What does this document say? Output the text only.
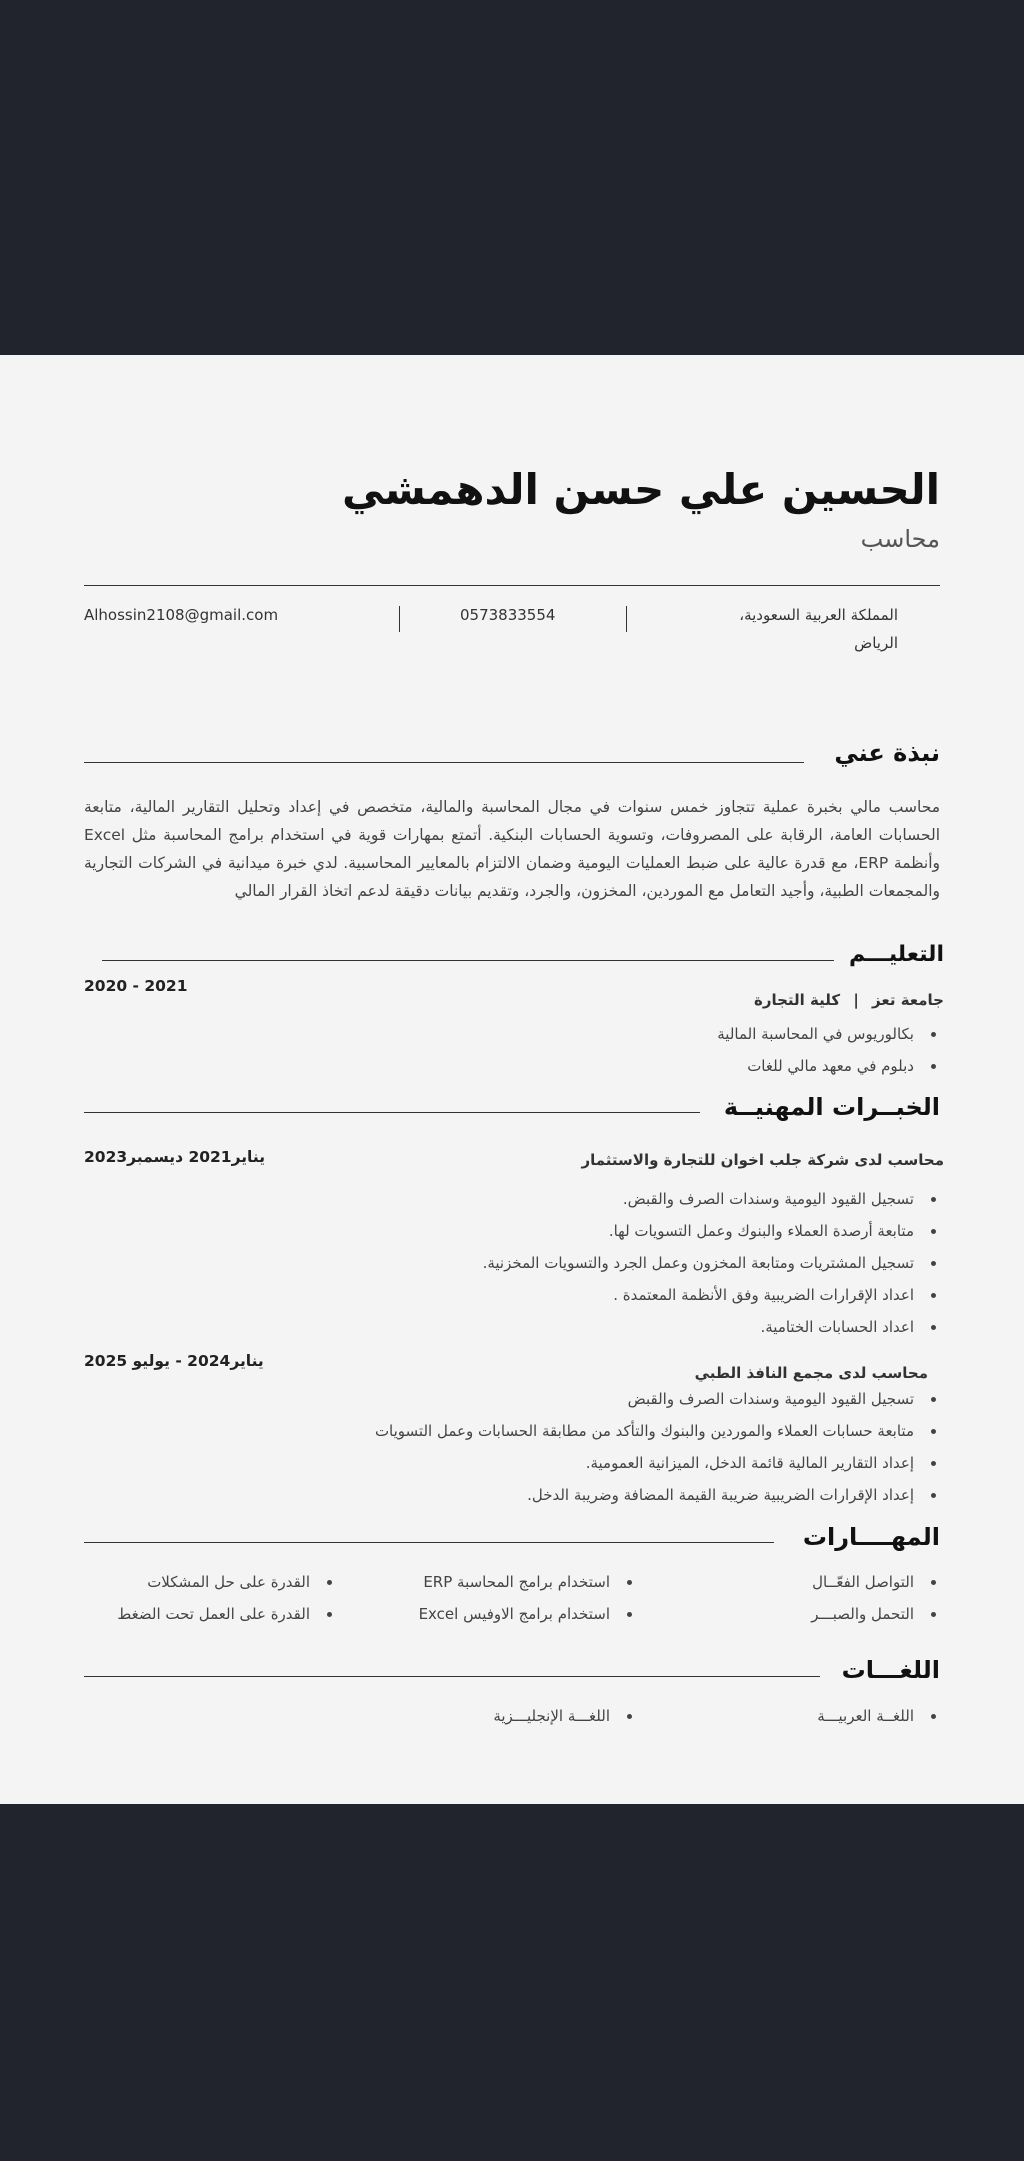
الحسين علي حسن الدهمشي
محاسب
المملكة العربية السعودية،
الرياض
0573833554
Alhossin2108@gmail.com
نبذة عني

محاسب مالي بخبرة عملية تتجاوز خمس سنوات في مجال المحاسبة والمالية، متخصص في إعداد وتحليل التقارير المالية، متابعة الحسابات العامة، الرقابة على المصروفات، وتسوية الحسابات البنكية. أتمتع بمهارات قوية في استخدام برامج المحاسبة مثل Excel وأنظمة ERP، مع قدرة عالية على ضبط العمليات اليومية وضمان الالتزام بالمعايير المحاسبية. لدي خبرة ميدانية في الشركات التجارية والمجمعات الطبية، وأجيد التعامل مع الموردين، المخزون، والجرد، وتقديم بيانات دقيقة لدعم اتخاذ القرار المالي

التعليـــم
2020 - 2021
جامعة تعز | كلية التجارة
بكالوريوس في المحاسبة المالية
دبلوم في معهد مالي للغات
الخبــرات المهنيــة
محاسب لدى شركة جلب اخوان للتجارة والاستثمار
يناير2021 ديسمبر2023
تسجيل القيود اليومية وسندات الصرف والقبض.
متابعة أرصدة العملاء والبنوك وعمل التسويات لها.
تسجيل المشتريات ومتابعة المخزون وعمل الجرد والتسويات المخزنية.
اعداد الإقرارات الضريبية وفق الأنظمة المعتمدة .
اعداد الحسابات الختامية.
محاسب لدى مجمع النافذ الطبي
يناير2024 - يوليو 2025
تسجيل القيود اليومية وسندات الصرف والقبض
متابعة حسابات العملاء والموردين والبنوك والتأكد من مطابقة الحسابات وعمل التسويات
إعداد التقارير المالية قائمة الدخل، الميزانية العمومية.
إعداد الإقرارات الضريبية ضريبة القيمة المضافة وضريبة الدخل.
المهــــارات
التواصل الفعّــال
التحمل والصبـــر
استخدام برامج المحاسبة ERP
استخدام برامج الاوفيس Excel
القدرة على حل المشكلات
القدرة على العمل تحت الضغط
اللغـــات
اللغــة العربيـــة
اللغـــة الإنجليـــزية
